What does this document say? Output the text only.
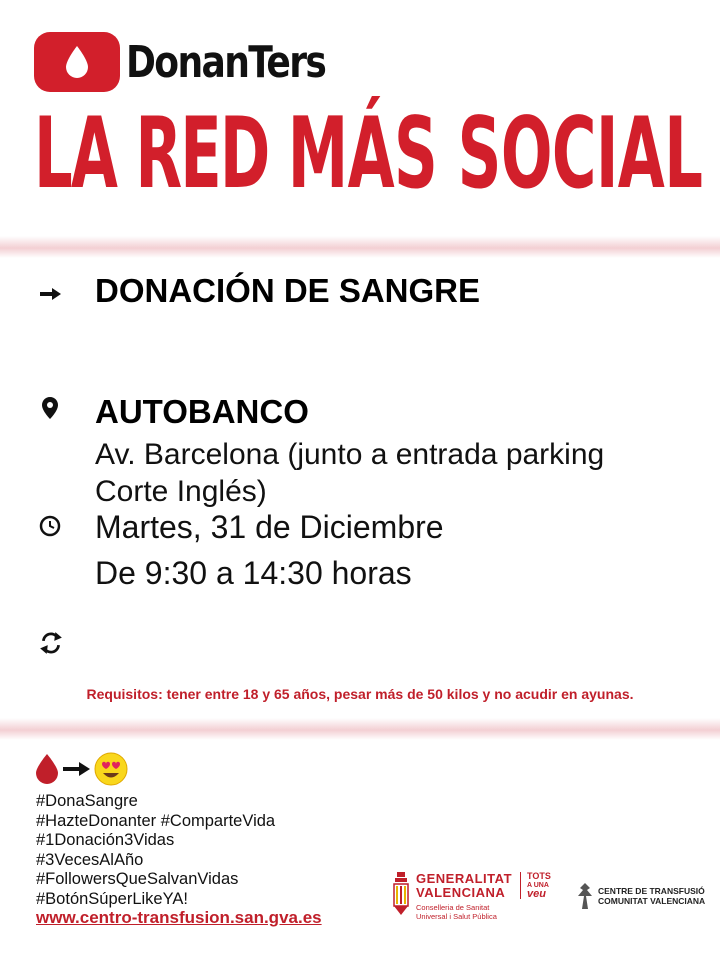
DonanTers
LA RED MÁS SOCIAL
DONACIÓN DE SANGRE
AUTOBANCO
Av. Barcelona (junto a entrada parking
Corte Inglés)
Martes, 31 de Diciembre
De 9:30 a 14:30 horas
Requisitos: tener entre 18 y 65 años, pesar más de 50 kilos y no acudir en ayunas.
#DonaSangre
#HazteDonanter #ComparteVida
#1Donación3Vidas
#3VecesAlAño
#FollowersQueSalvanVidas
#BotónSúperLikeYA!
www.centro-transfusion.san.gva.es
GENERALITAT
VALENCIANA
Conselleria de Sanitat
Universal i Salut Pública
TOTS
A UNA
veu	CENTRE DE TRANSFUSIÓ
COMUNITAT VALENCIANA
